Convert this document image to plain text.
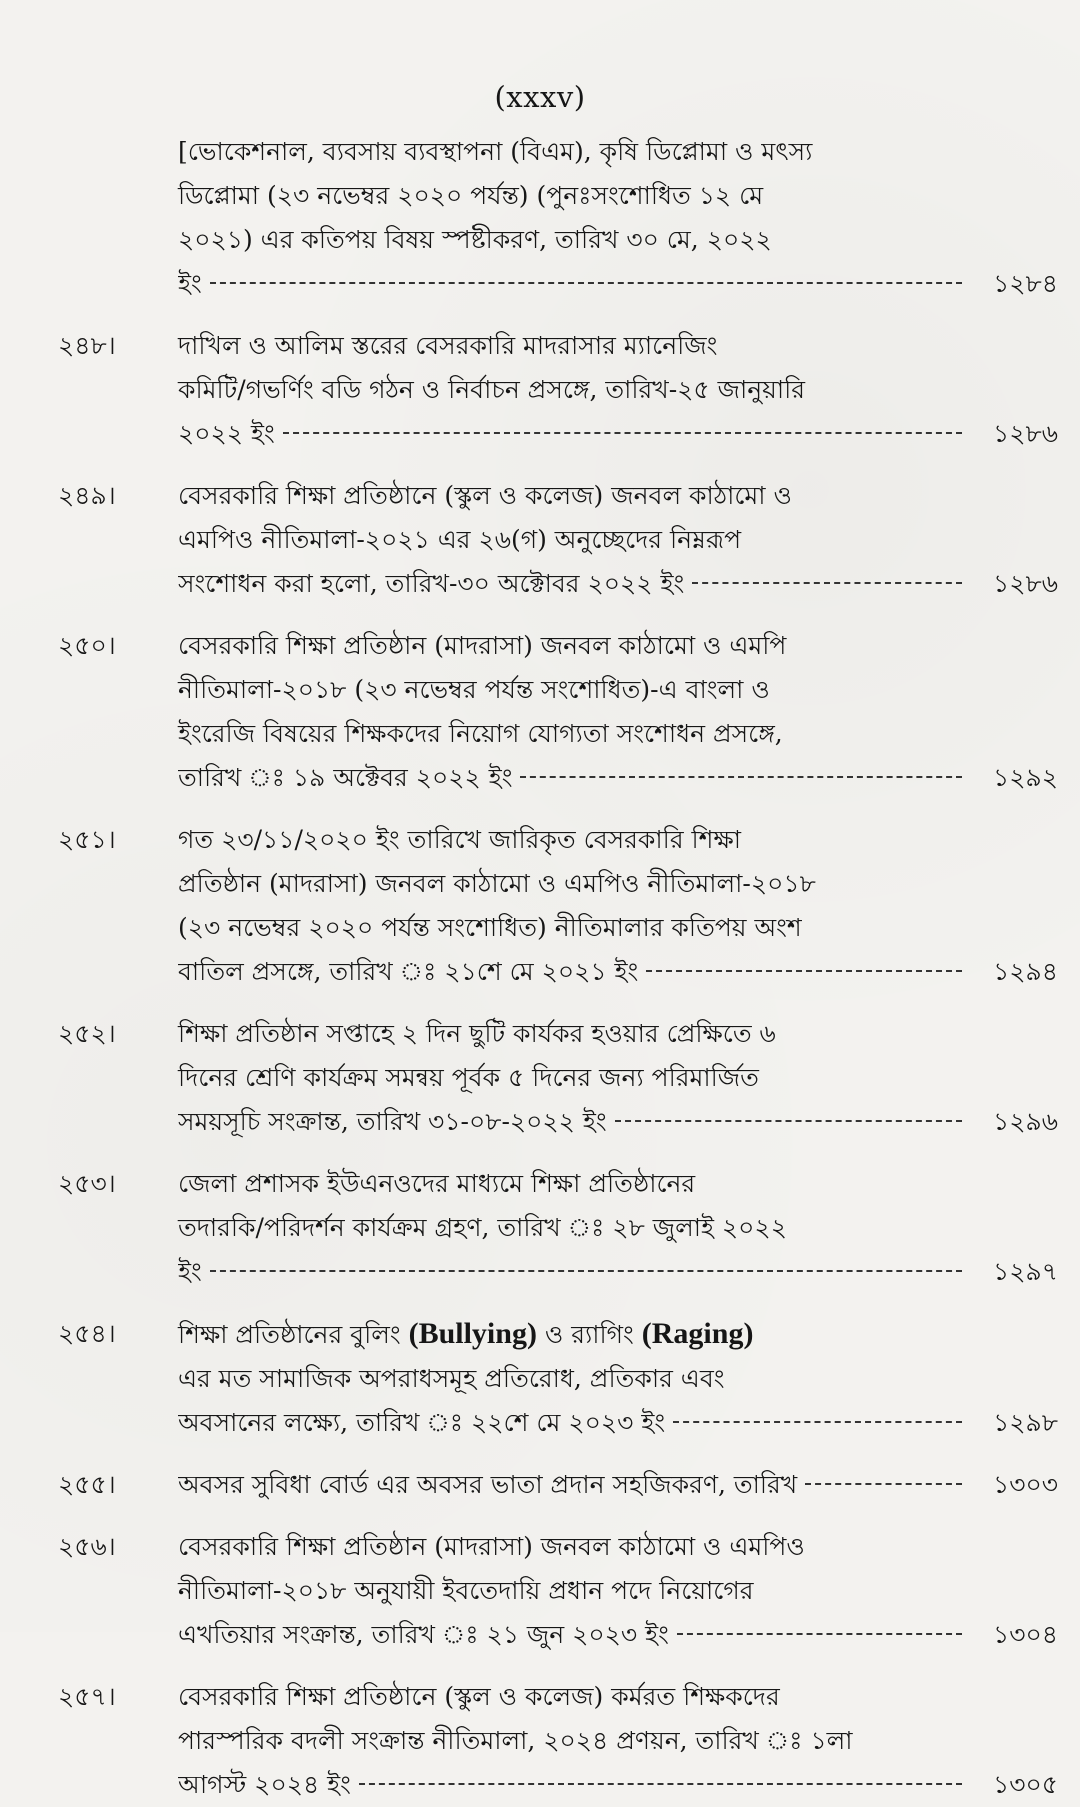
(xxxv)

[ভোকেশনাল, ব্যবসায় ব্যবস্থাপনা (বিএম), কৃষি ডিপ্লোমা ও মৎস্য

ডিপ্লোমা (২৩ নভেম্বর ২০২০ পর্যন্ত) (পুনঃসংশোধিত ১২ মে

২০২১) এর কতিপয় বিষয় স্পষ্টীকরণ, তারিখ ৩০ মে, ২০২২

ইং	১২৮৪
২৪৮।	দাখিল ও আলিম স্তরের বেসরকারি মাদরাসার ম্যানেজিং

কমিটি/গভর্ণিং বডি গঠন ও নির্বাচন প্রসঙ্গে, তারিখ-২৫ জানুয়ারি

২০২২ ইং	১২৮৬
২৪৯।	বেসরকারি শিক্ষা প্রতিষ্ঠানে (স্কুল ও কলেজ) জনবল কাঠামো ও

এমপিও নীতিমালা-২০২১ এর ২৬(গ) অনুচ্ছেদের নিম্নরূপ

সংশোধন করা হলো, তারিখ-৩০ অক্টোবর ২০২২ ইং	১২৮৬
২৫০।	বেসরকারি শিক্ষা প্রতিষ্ঠান (মাদরাসা) জনবল কাঠামো ও এমপি

নীতিমালা-২০১৮ (২৩ নভেম্বর পর্যন্ত সংশোধিত)-এ বাংলা ও

ইংরেজি বিষয়ের শিক্ষকদের নিয়োগ যোগ্যতা সংশোধন প্রসঙ্গে,

তারিখ ঃ ১৯ অক্টেবর ২০২২ ইং	১২৯২
২৫১।	গত ২৩/১১/২০২০ ইং তারিখে জারিকৃত বেসরকারি শিক্ষা

প্রতিষ্ঠান (মাদরাসা) জনবল কাঠামো ও এমপিও নীতিমালা-২০১৮

(২৩ নভেম্বর ২০২০ পর্যন্ত সংশোধিত) নীতিমালার কতিপয় অংশ

বাতিল প্রসঙ্গে, তারিখ ঃ ২১শে মে ২০২১ ইং	১২৯৪
২৫২।	শিক্ষা প্রতিষ্ঠান সপ্তাহে ২ দিন ছুটি কার্যকর হওয়ার প্রেক্ষিতে ৬

দিনের শ্রেণি কার্যক্রম সমন্বয় পূর্বক ৫ দিনের জন্য পরিমার্জিত

সময়সূচি সংক্রান্ত, তারিখ ৩১-০৮-২০২২ ইং	১২৯৬
২৫৩।	জেলা প্রশাসক ইউএনওদের মাধ্যমে শিক্ষা প্রতিষ্ঠানের

তদারকি/পরিদর্শন কার্যক্রম গ্রহণ, তারিখ ঃ ২৮ জুলাই ২০২২

ইং	১২৯৭
২৫৪।	শিক্ষা প্রতিষ্ঠানের বুলিং (Bullying) ও র‍্যাগিং (Raging)

এর মত সামাজিক অপরাধসমূহ প্রতিরোধ, প্রতিকার এবং

অবসানের লক্ষ্যে, তারিখ ঃ ২২শে মে ২০২৩ ইং	১২৯৮
২৫৫।	অবসর সুবিধা বোর্ড এর অবসর ভাতা প্রদান সহজিকরণ, তারিখ	১৩০৩
২৫৬।	বেসরকারি শিক্ষা প্রতিষ্ঠান (মাদরাসা) জনবল কাঠামো ও এমপিও

নীতিমালা-২০১৮ অনুযায়ী ইবতেদায়ি প্রধান পদে নিয়োগের

এখতিয়ার সংক্রান্ত, তারিখ ঃ ২১ জুন ২০২৩ ইং	১৩০৪
২৫৭।	বেসরকারি শিক্ষা প্রতিষ্ঠানে (স্কুল ও কলেজ) কর্মরত শিক্ষকদের

পারস্পরিক বদলী সংক্রান্ত নীতিমালা, ২০২৪ প্রণয়ন, তারিখ ঃ ১লা

আগস্ট ২০২৪ ইং	১৩০৫
